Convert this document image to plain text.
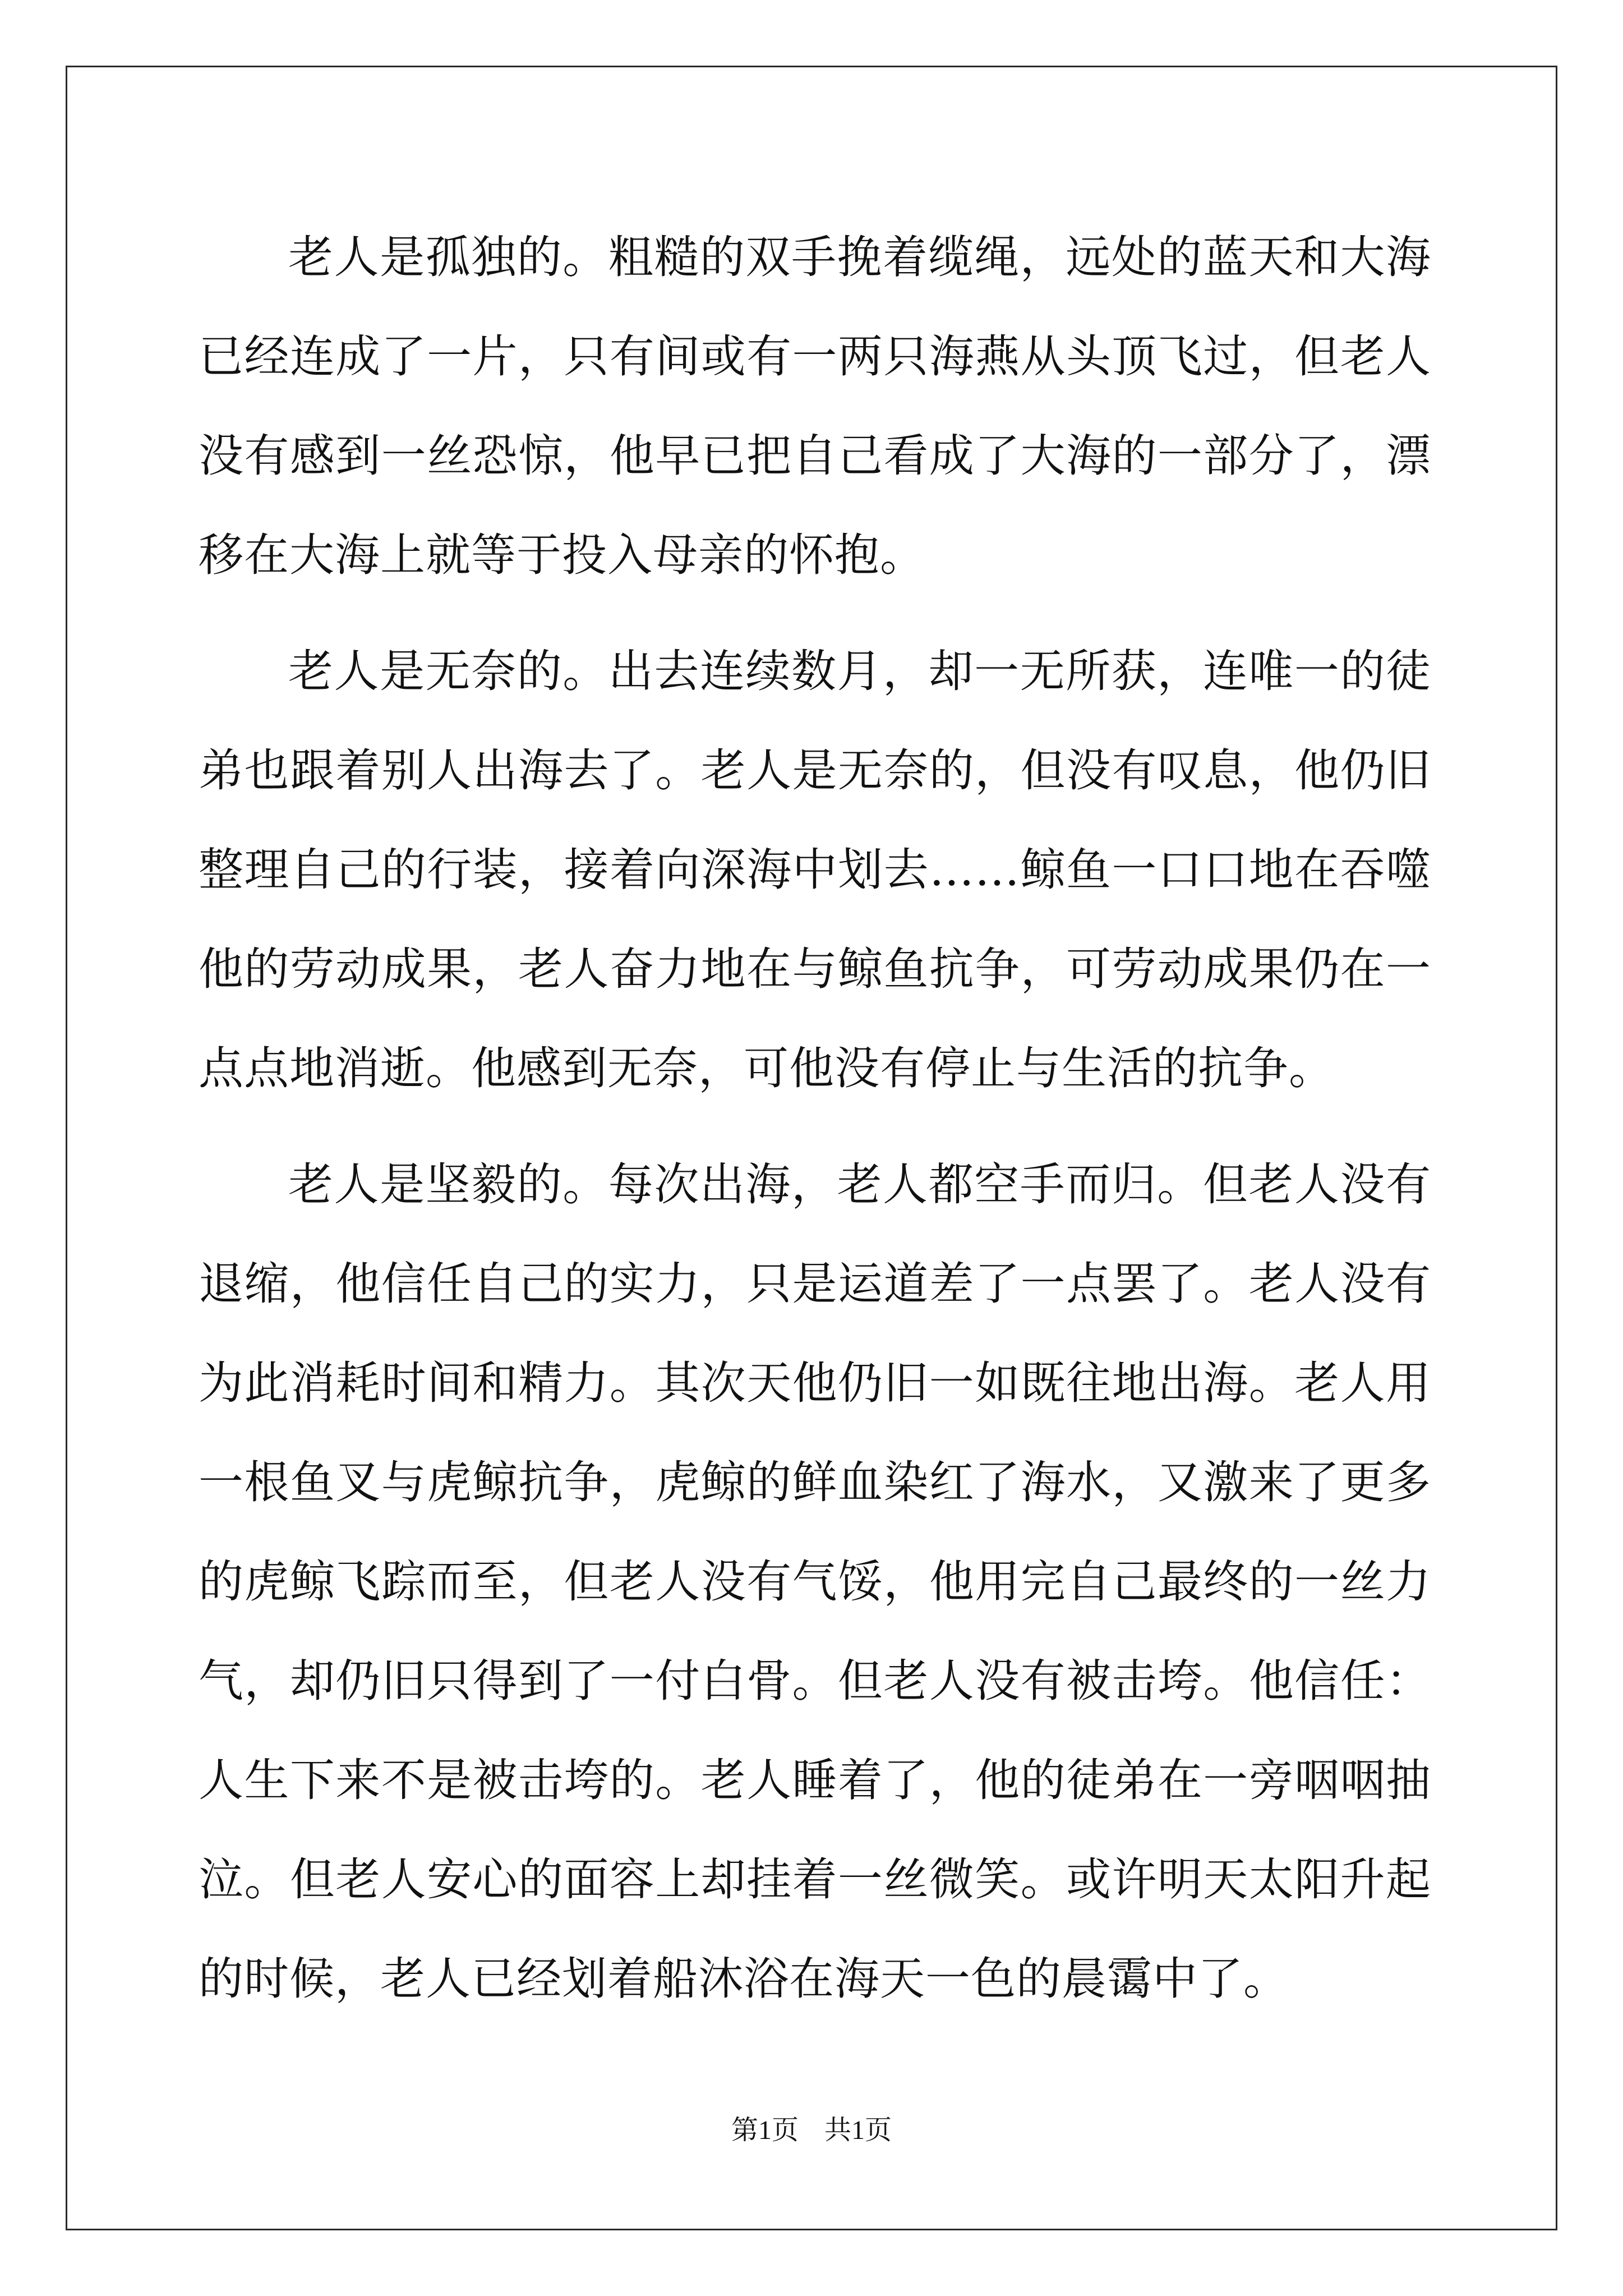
老人是孤独的。粗糙的双手挽着缆绳，远处的蓝天和大海已经连成了一片，只有间或有一两只海燕从头顶飞过，但老人没有感到一丝恐惊，他早已把自己看成了大海的一部分了，漂移在大海上就等于投入母亲的怀抱。

老人是无奈的。出去连续数月，却一无所获，连唯一的徒弟也跟着别人出海去了。老人是无奈的，但没有叹息，他仍旧整理自己的行装，接着向深海中划去……鲸鱼一口口地在吞噬他的劳动成果，老人奋力地在与鲸鱼抗争，可劳动成果仍在一点点地消逝。他感到无奈，可他没有停止与生活的抗争。

老人是坚毅的。每次出海，老人都空手而归。但老人没有退缩，他信任自己的实力，只是运道差了一点罢了。老人没有为此消耗时间和精力。其次天他仍旧一如既往地出海。老人用一根鱼叉与虎鲸抗争，虎鲸的鲜血染红了海水，又激来了更多的虎鲸飞踪而至，但老人没有气馁，他用完自己最终的一丝力气，却仍旧只得到了一付白骨。但老人没有被击垮。他信任：人生下来不是被击垮的。老人睡着了，他的徒弟在一旁咽咽抽泣。但老人安心的面容上却挂着一丝微笑。或许明天太阳升起的时候，老人已经划着船沐浴在海天一色的晨霭中了。

第1页 共1页
